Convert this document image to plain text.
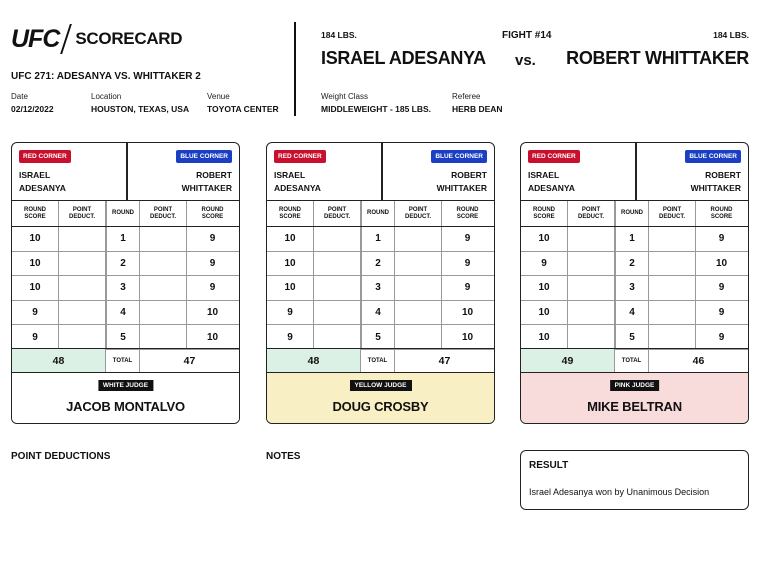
UFC SCORECARD
UFC 271: ADESANYA VS. WHITTAKER 2
Date
02/12/2022
Location
HOUSTON, TEXAS, USA
Venue
TOYOTA CENTER
184 LBS.	FIGHT #14	184 LBS.
ISRAEL ADESANYA vs. ROBERT WHITTAKER
Weight Class
MIDDLEWEIGHT - 185 LBS.
Referee
HERB DEAN
RED CORNER	BLUE CORNER
ISRAEL
ADESANYA
ROBERT
WHITTAKER
ROUND SCORE
POINT DEDUCT.
ROUND
POINT DEDUCT.
ROUND SCORE
10	1	9
10	2	9
10	3	9
9	4	10
9	5	10
48	TOTAL	47
WHITE JUDGE
JACOB MONTALVO
RED CORNER	BLUE CORNER
ISRAEL
ADESANYA
ROBERT
WHITTAKER
ROUND SCORE
POINT DEDUCT.
ROUND
POINT DEDUCT.
ROUND SCORE
10	1	9
10	2	9
10	3	9
9	4	10
9	5	10
48	TOTAL	47
YELLOW JUDGE
DOUG CROSBY
RED CORNER	BLUE CORNER
ISRAEL
ADESANYA
ROBERT
WHITTAKER
ROUND SCORE
POINT DEDUCT.
ROUND
POINT DEDUCT.
ROUND SCORE
10	1	9
9	2	10
10	3	9
10	4	9
10	5	9
49	TOTAL	46
PINK JUDGE
MIKE BELTRAN
POINT DEDUCTIONS	NOTES
RESULT
Israel Adesanya won by Unanimous Decision
